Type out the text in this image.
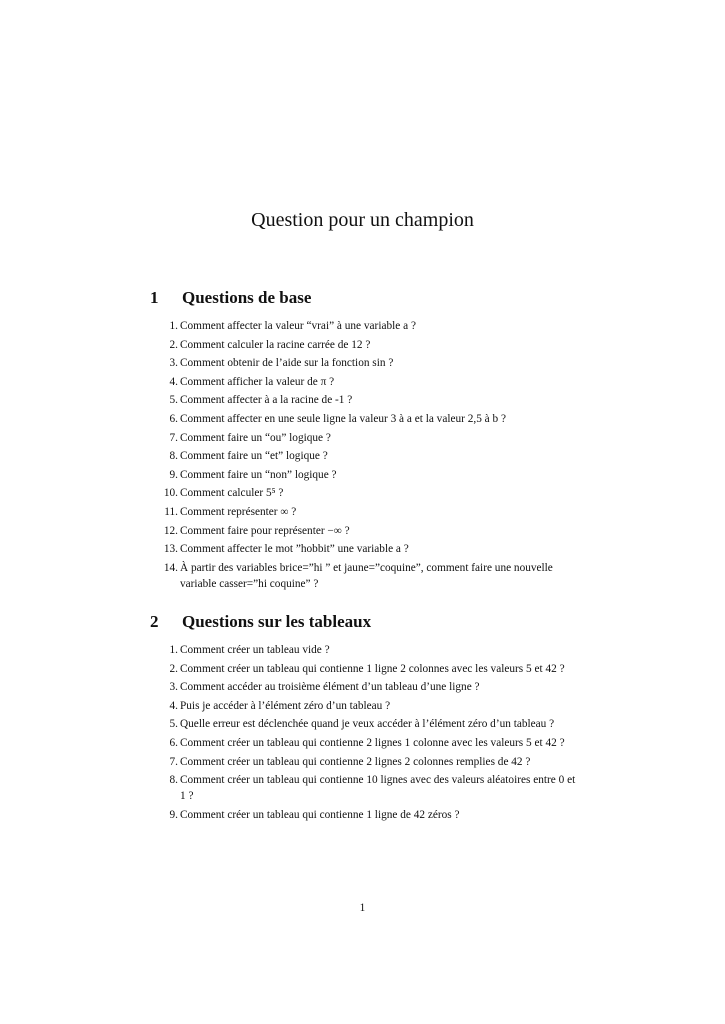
Question pour un champion
1 Questions de base
1. Comment affecter la valeur “vrai” à une variable a ?
2. Comment calculer la racine carrée de 12 ?
3. Comment obtenir de l’aide sur la fonction sin ?
4. Comment afficher la valeur de π ?
5. Comment affecter à a la racine de -1 ?
6. Comment affecter en une seule ligne la valeur 3 à a et la valeur 2,5 à b ?
7. Comment faire un “ou” logique ?
8. Comment faire un “et” logique ?
9. Comment faire un “non” logique ?
10. Comment calculer 5⁵ ?
11. Comment représenter ∞ ?
12. Comment faire pour représenter −∞ ?
13. Comment affecter le mot ”hobbit” une variable a ?
14. À partir des variables brice=”hi ” et jaune=”coquine”, comment faire une nouvelle variable casser=”hi coquine” ?
2 Questions sur les tableaux
1. Comment créer un tableau vide ?
2. Comment créer un tableau qui contienne 1 ligne 2 colonnes avec les valeurs 5 et 42 ?
3. Comment accéder au troisième élément d’un tableau d’une ligne ?
4. Puis je accéder à l’élément zéro d’un tableau ?
5. Quelle erreur est déclenchée quand je veux accéder à l’élément zéro d’un tableau ?
6. Comment créer un tableau qui contienne 2 lignes 1 colonne avec les valeurs 5 et 42 ?
7. Comment créer un tableau qui contienne 2 lignes 2 colonnes remplies de 42 ?
8. Comment créer un tableau qui contienne 10 lignes avec des valeurs aléatoires entre 0 et 1 ?
9. Comment créer un tableau qui contienne 1 ligne de 42 zéros ?
1
